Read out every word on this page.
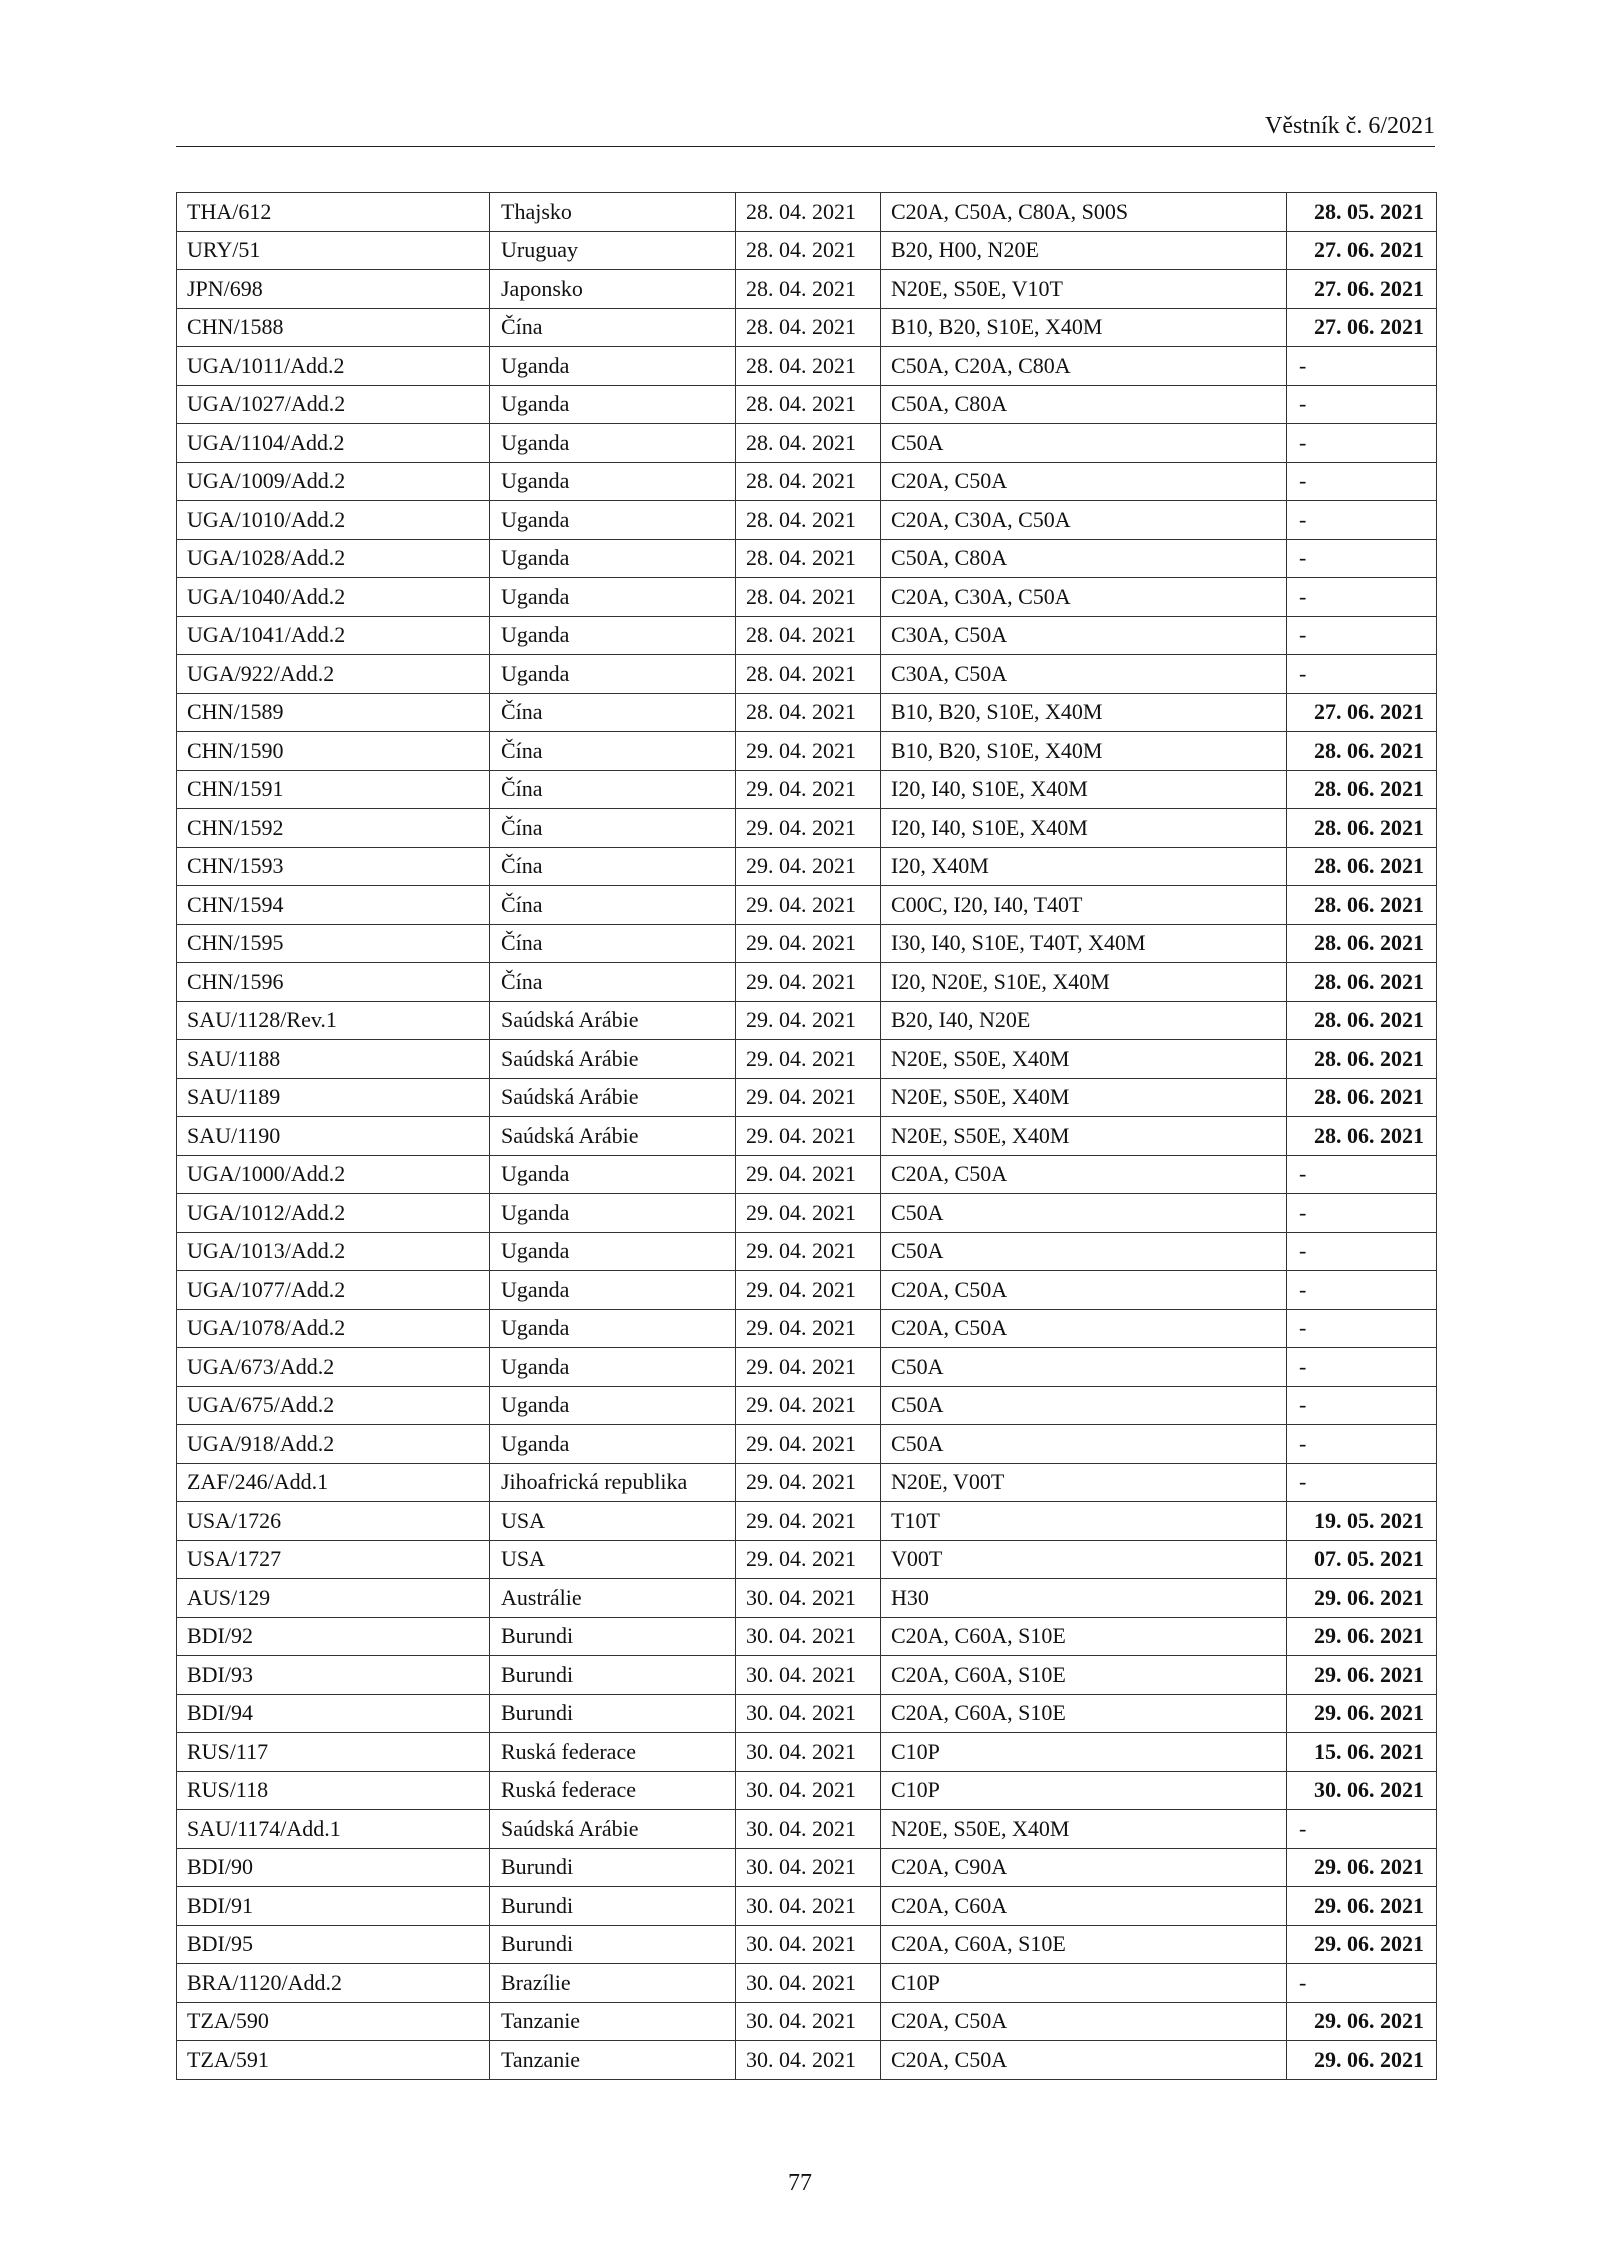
Věstník č. 6/2021
THA/612	Thajsko	28. 04. 2021	C20A, C50A, C80A, S00S	28. 05. 2021
URY/51	Uruguay	28. 04. 2021	B20, H00, N20E	27. 06. 2021
JPN/698	Japonsko	28. 04. 2021	N20E, S50E, V10T	27. 06. 2021
CHN/1588	Čína	28. 04. 2021	B10, B20, S10E, X40M	27. 06. 2021
UGA/1011/Add.2	Uganda	28. 04. 2021	C50A, C20A, C80A	-
UGA/1027/Add.2	Uganda	28. 04. 2021	C50A, C80A	-
UGA/1104/Add.2	Uganda	28. 04. 2021	C50A	-
UGA/1009/Add.2	Uganda	28. 04. 2021	C20A, C50A	-
UGA/1010/Add.2	Uganda	28. 04. 2021	C20A, C30A, C50A	-
UGA/1028/Add.2	Uganda	28. 04. 2021	C50A, C80A	-
UGA/1040/Add.2	Uganda	28. 04. 2021	C20A, C30A, C50A	-
UGA/1041/Add.2	Uganda	28. 04. 2021	C30A, C50A	-
UGA/922/Add.2	Uganda	28. 04. 2021	C30A, C50A	-
CHN/1589	Čína	28. 04. 2021	B10, B20, S10E, X40M	27. 06. 2021
CHN/1590	Čína	29. 04. 2021	B10, B20, S10E, X40M	28. 06. 2021
CHN/1591	Čína	29. 04. 2021	I20, I40, S10E, X40M	28. 06. 2021
CHN/1592	Čína	29. 04. 2021	I20, I40, S10E, X40M	28. 06. 2021
CHN/1593	Čína	29. 04. 2021	I20, X40M	28. 06. 2021
CHN/1594	Čína	29. 04. 2021	C00C, I20, I40, T40T	28. 06. 2021
CHN/1595	Čína	29. 04. 2021	I30, I40, S10E, T40T, X40M	28. 06. 2021
CHN/1596	Čína	29. 04. 2021	I20, N20E, S10E, X40M	28. 06. 2021
SAU/1128/Rev.1	Saúdská Arábie	29. 04. 2021	B20, I40, N20E	28. 06. 2021
SAU/1188	Saúdská Arábie	29. 04. 2021	N20E, S50E, X40M	28. 06. 2021
SAU/1189	Saúdská Arábie	29. 04. 2021	N20E, S50E, X40M	28. 06. 2021
SAU/1190	Saúdská Arábie	29. 04. 2021	N20E, S50E, X40M	28. 06. 2021
UGA/1000/Add.2	Uganda	29. 04. 2021	C20A, C50A	-
UGA/1012/Add.2	Uganda	29. 04. 2021	C50A	-
UGA/1013/Add.2	Uganda	29. 04. 2021	C50A	-
UGA/1077/Add.2	Uganda	29. 04. 2021	C20A, C50A	-
UGA/1078/Add.2	Uganda	29. 04. 2021	C20A, C50A	-
UGA/673/Add.2	Uganda	29. 04. 2021	C50A	-
UGA/675/Add.2	Uganda	29. 04. 2021	C50A	-
UGA/918/Add.2	Uganda	29. 04. 2021	C50A	-
ZAF/246/Add.1	Jihoafrická republika	29. 04. 2021	N20E, V00T	-
USA/1726	USA	29. 04. 2021	T10T	19. 05. 2021
USA/1727	USA	29. 04. 2021	V00T	07. 05. 2021
AUS/129	Austrálie	30. 04. 2021	H30	29. 06. 2021
BDI/92	Burundi	30. 04. 2021	C20A, C60A, S10E	29. 06. 2021
BDI/93	Burundi	30. 04. 2021	C20A, C60A, S10E	29. 06. 2021
BDI/94	Burundi	30. 04. 2021	C20A, C60A, S10E	29. 06. 2021
RUS/117	Ruská federace	30. 04. 2021	C10P	15. 06. 2021
RUS/118	Ruská federace	30. 04. 2021	C10P	30. 06. 2021
SAU/1174/Add.1	Saúdská Arábie	30. 04. 2021	N20E, S50E, X40M	-
BDI/90	Burundi	30. 04. 2021	C20A, C90A	29. 06. 2021
BDI/91	Burundi	30. 04. 2021	C20A, C60A	29. 06. 2021
BDI/95	Burundi	30. 04. 2021	C20A, C60A, S10E	29. 06. 2021
BRA/1120/Add.2	Brazílie	30. 04. 2021	C10P	-
TZA/590	Tanzanie	30. 04. 2021	C20A, C50A	29. 06. 2021
TZA/591	Tanzanie	30. 04. 2021	C20A, C50A	29. 06. 2021
77
